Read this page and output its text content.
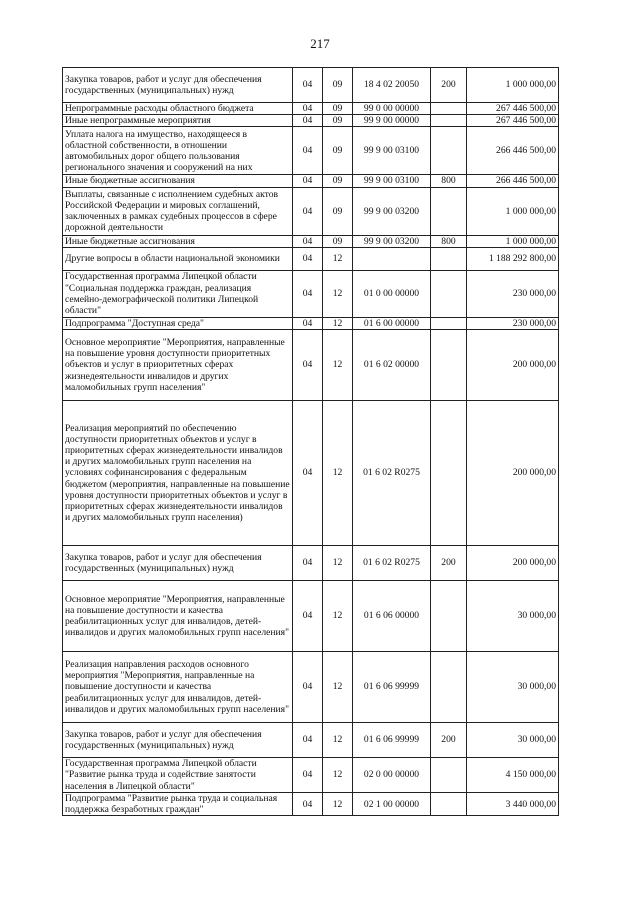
217
Закупка товаров, работ и услуг для обеспечения государственных (муниципальных) нужд	04	09	18 4 02 20050	200	1 000 000,00
Непрограммные расходы областного бюджета	04	09	99 0 00 00000		267 446 500,00
Иные непрограммные мероприятия	04	09	99 9 00 00000		267 446 500,00
Уплата налога на имущество, находящееся в областной собственности, в отношении автомобильных дорог общего пользования регионального значения и сооружений на них	04	09	99 9 00 03100		266 446 500,00
Иные бюджетные ассигнования	04	09	99 9 00 03100	800	266 446 500,00
Выплаты, связанные с исполнением судебных актов Российской Федерации и мировых соглашений, заключенных в рамках судебных процессов в сфере дорожной деятельности	04	09	99 9 00 03200		1 000 000,00
Иные бюджетные ассигнования	04	09	99 9 00 03200	800	1 000 000,00
Другие вопросы в области национальной экономики	04	12			1 188 292 800,00
Государственная программа Липецкой области "Социальная поддержка граждан, реализация семейно-демографической политики Липецкой области"	04	12	01 0 00 00000		230 000,00
Подпрограмма "Доступная среда"	04	12	01 6 00 00000		230 000,00
Основное мероприятие "Мероприятия, направленные на повышение уровня доступности приоритетных объектов и услуг в приоритетных сферах жизнедеятельности инвалидов и других маломобильных групп населения"	04	12	01 6 02 00000		200 000,00
Реализация мероприятий по обеспечению доступности приоритетных объектов и услуг в приоритетных сферах жизнедеятельности инвалидов и других маломобильных групп населения на условиях софинансирования с федеральным бюджетом (мероприятия, направленные на повышение уровня доступности приоритетных объектов и услуг в приоритетных сферах жизнедеятельности инвалидов и других маломобильных групп населения)	04	12	01 6 02 R0275		200 000,00
Закупка товаров, работ и услуг для обеспечения государственных (муниципальных) нужд	04	12	01 6 02 R0275	200	200 000,00
Основное мероприятие "Мероприятия, направленные на повышение доступности и качества реабилитационных услуг для инвалидов, детей-инвалидов и других маломобильных групп населения"	04	12	01 6 06 00000		30 000,00
Реализация направления расходов основного мероприятия "Мероприятия, направленные на повышение доступности и качества реабилитационных услуг для инвалидов, детей-инвалидов и других маломобильных групп населения"	04	12	01 6 06 99999		30 000,00
Закупка товаров, работ и услуг для обеспечения государственных (муниципальных) нужд	04	12	01 6 06 99999	200	30 000,00
Государственная программа Липецкой области "Развитие рынка труда и содействие занятости населения в Липецкой области"	04	12	02 0 00 00000		4 150 000,00
Подпрограмма "Развитие рынка труда и социальная поддержка безработных граждан"	04	12	02 1 00 00000		3 440 000,00
